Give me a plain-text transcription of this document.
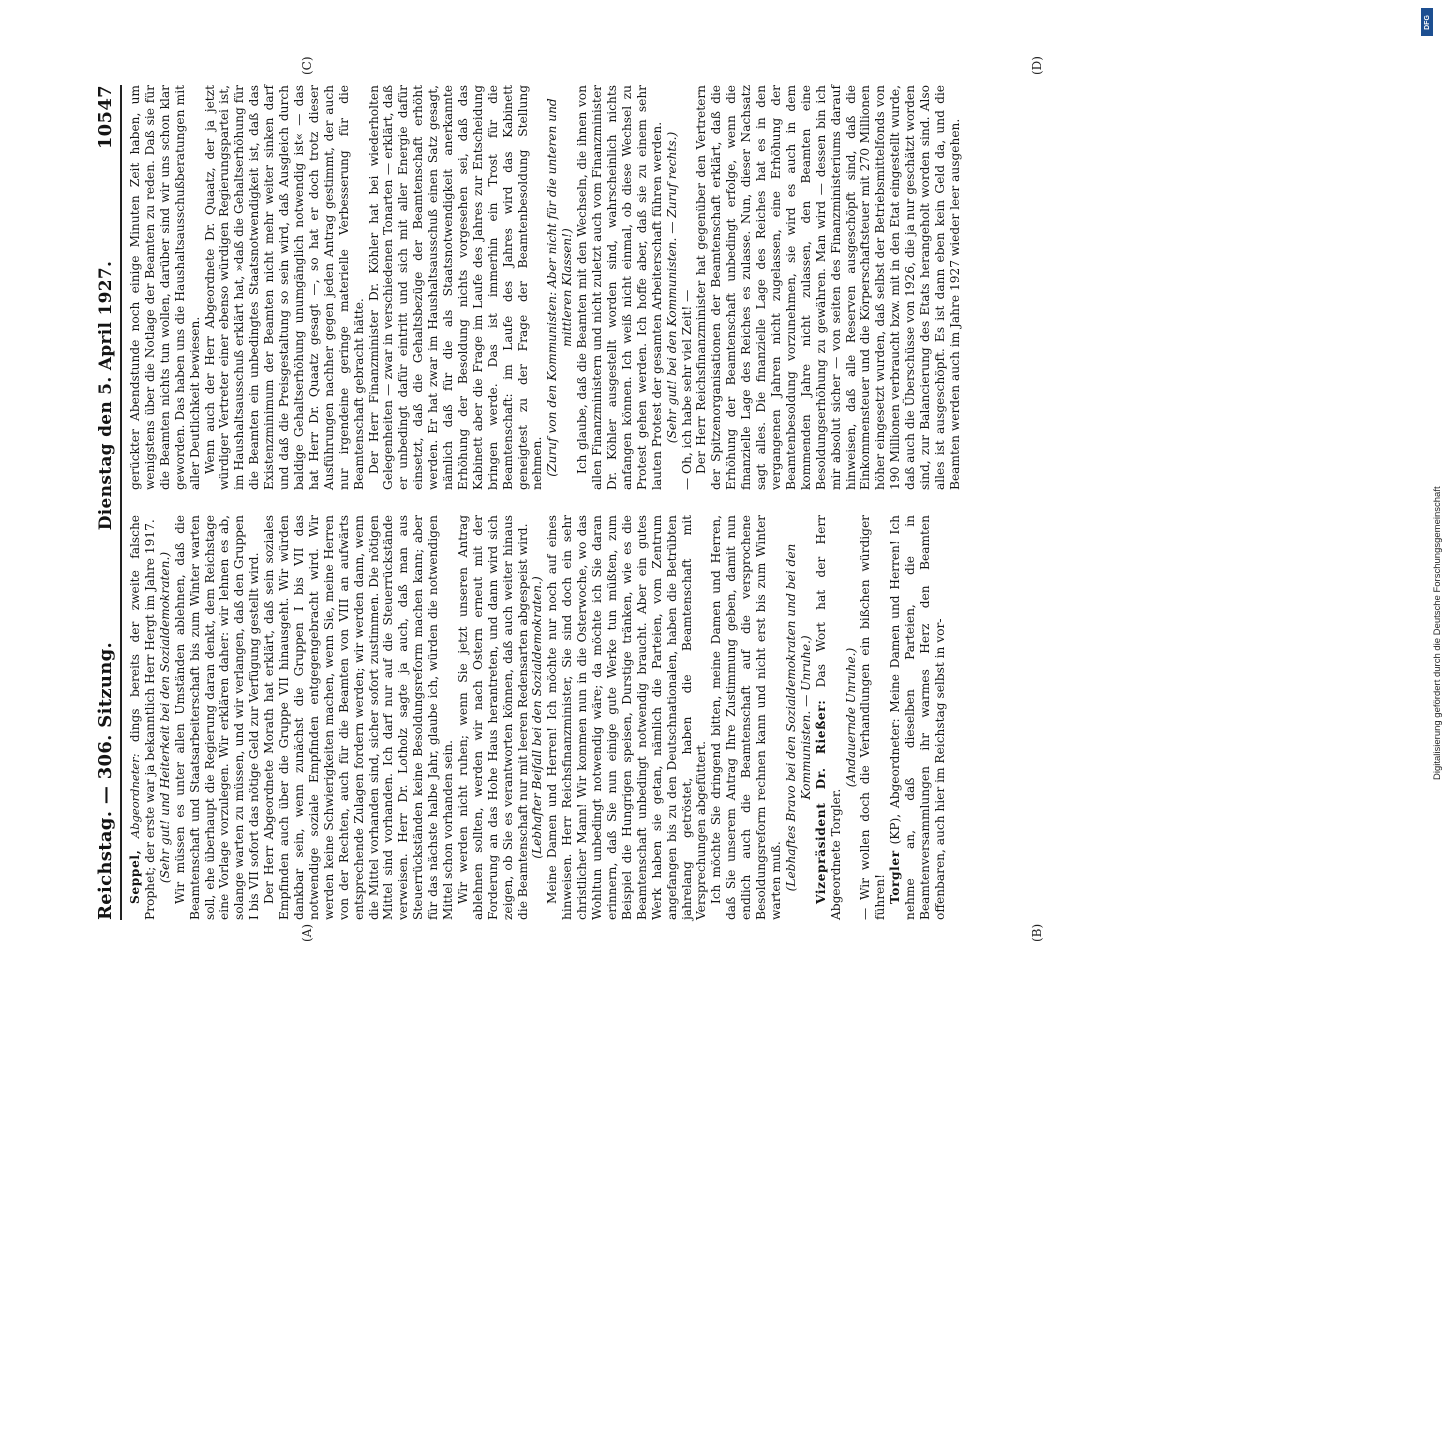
Reichstag. — 306. Sitzung.
Dienstag den 5. April 1927.
10547

Seppel, Abgeordneter: dings bereits der zweite falsche Prophet; der erste war ja bekanntlich Herr Hergt im Jahre 1917. (Sehr gut! und Heiterkeit bei den Sozialdemokraten.) Wir müssen es unter allen Umständen ablehnen, daß die Beamtenschaft und Staatsarbeiterschaft bis zum Winter warten soll, ehe überhaupt die Regierung daran denkt, dem Reichstage eine Vorlage vorzulegen. Wir erklären daher: wir lehnen es ab, solange warten zu müssen, und wir verlangen, daß den Gruppen I bis VII sofort das nötige Geld zur Verfügung gestellt wird. Der Herr Abgeordnete Morath hat erklärt, daß sein soziales Empfinden auch über die Gruppe VII hinausgeht. Wir würden dankbar sein, wenn zunächst die Gruppen I bis VII das notwendige soziale Empfinden entgegengebracht wird. Wir werden keine Schwierigkeiten machen, wenn Sie, meine Herren von der Rechten, auch für die Beamten von VIII an aufwärts entsprechende Zulagen fordern werden; wir werden dann, wenn die Mittel vorhanden sind, sicher sofort zustimmen. Die nötigen Mittel sind vorhanden. Ich darf nur auf die Steuerrückstände verweisen. Herr Dr. Lotholz sagte ja auch, daß man aus Steuerrückständen keine Besoldungsreform machen kann; aber für das nächste halbe Jahr, glaube ich, würden die notwendigen Mittel schon vorhanden sein. Wir werden nicht ruhen; wenn Sie jetzt unseren Antrag ablehnen sollten, werden wir nach Ostern erneut mit der Forderung an das Hohe Haus herantreten, und dann wird sich zeigen, ob Sie es verantworten können, daß auch weiter hinaus die Beamtenschaft nur mit leeren Redensarten abgespeist wird. (Lebhafter Beifall bei den Sozialdemokraten.) Meine Damen und Herren! Ich möchte nur noch auf eines hinweisen. Herr Reichsfinanzminister, Sie sind doch ein sehr christlicher Mann! Wir kommen nun in die Osterwoche, wo das Wohltun unbedingt notwendig wäre; da möchte ich Sie daran erinnern, daß Sie nun einige gute Werke tun müßten, zum Beispiel die Hungrigen speisen, Durstige tränken, wie es die Beamtenschaft unbedingt notwendig braucht. Aber ein gutes Werk haben sie getan, nämlich die Parteien, vom Zentrum angefangen bis zu den Deutschnationalen, haben die Betrübten jahrelang getröstet, haben die Beamtenschaft mit Versprechungen abgefüttert. Ich möchte Sie dringend bitten, meine Damen und Herren, daß Sie unserem Antrag Ihre Zustimmung geben, damit nun endlich auch die Beamtenschaft auf die versprochene Besoldungsreform rechnen kann und nicht erst bis zum Winter warten muß. (Lebhaftes Bravo bei den Sozialdemokraten und bei den Kommunisten. — Unruhe.) Vizepräsident Dr. Rießer: Das Wort hat der Herr Abgeordnete Torgler.

(Andauernde Unruhe.) — Wir wollen doch die Verhandlungen ein bißchen würdiger führen! Torgler (KP), Abgeordneter: Meine Damen und Herren! Ich nehme an, daß dieselben Parteien, die in Beamtenversammlungen ihr warmes Herz den Beamten offenbaren, auch hier im Reichstag selbst in vor-

gerückter Abendstunde noch einige Minuten Zeit haben, um wenigstens über die Notlage der Beamten zu reden. Daß sie für die Beamten nichts tun wollen, darüber sind wir uns schon klar geworden. Das haben uns die Haushaltsausschußberatungen mit aller Deutlichkeit bewiesen. Wenn auch der Herr Abgeordnete Dr. Quaatz, der ja jetzt würdiger Vertreter einer ebenso würdigen Regierungspartei ist, im Haushaltsausschuß erklärt hat, »daß die Gehaltserhöhung für die Beamten ein unbedingtes Staatsnotwendigkeit ist, daß das Existenzminimum der Beamten nicht mehr weiter sinken darf und daß die Preisgestaltung so sein wird, daß Ausgleich durch baldige Gehaltserhöhung unumgänglich notwendig ist« — das hat Herr Dr. Quaatz gesagt —, so hat er doch trotz dieser Ausführungen nachher gegen jeden Antrag gestimmt, der auch nur irgendeine geringe materielle Verbesserung für die Beamtenschaft gebracht hätte. Der Herr Finanzminister Dr. Köhler hat bei wiederholten Gelegenheiten — zwar in verschiedenen Tonarten — erklärt, daß er unbedingt dafür eintritt und sich mit aller Energie dafür einsetzt, daß die Gehaltsbezüge der Beamtenschaft erhöht werden. Er hat zwar im Haushaltsausschuß einen Satz gesagt, nämlich daß für die als Staatsnotwendigkeit anerkannte Erhöhung der Besoldung nichts vorgesehen sei, daß das Kabinett aber die Frage im Laufe des Jahres zur Entscheidung bringen werde. Das ist immerhin ein Trost für die Beamtenschaft: im Laufe des Jahres wird das Kabinett geneigtest zu der Frage der Beamtenbesoldung Stellung nehmen. (Zuruf von den Kommunisten: Aber nicht für die unteren und mittleren Klassen!) Ich glaube, daß die Beamten mit den Wechseln, die ihnen von allen Finanzministern und nicht zuletzt auch vom Finanzminister Dr. Köhler ausgestellt worden sind, wahrscheinlich nichts anfangen können. Ich weiß nicht einmal, ob diese Wechsel zu Protest gehen werden. Ich hoffe aber, daß sie zu einem sehr lauten Protest der gesamten Arbeiterschaft führen werden. (Sehr gut! bei den Kommunisten. — Zuruf rechts.) — Oh, ich habe sehr viel Zeit! — Der Herr Reichsfinanzminister hat gegenüber den Vertretern der Spitzenorganisationen der Beamtenschaft erklärt, daß die Erhöhung der Beamtenschaft unbedingt erfolge, wenn die finanzielle Lage des Reiches es zulasse. Nun, dieser Nachsatz sagt alles. Die finanzielle Lage des Reiches hat es in den vergangenen Jahren nicht zugelassen, eine Erhöhung der Beamtenbesoldung vorzunehmen, sie wird es auch in dem kommenden Jahre nicht zulassen, den Beamten eine Besoldungserhöhung zu gewähren. Man wird — dessen bin ich mir absolut sicher — von seiten des Finanzministeriums darauf hinweisen, daß alle Reserven ausgeschöpft sind, daß die Einkommensteuer und die Körperschaftsteuer mit 270 Millionen höher eingesetzt wurden, daß selbst der Betriebsmittelfonds von 190 Millionen verbraucht bzw. mit in den Etat eingestellt wurde, daß auch die Überschüsse von 1926, die ja nur geschätzt worden sind, zur Balancierung des Etats herangeholt worden sind. Also alles ist ausgeschöpft. Es ist dann eben kein Geld da, und die Beamten werden auch im Jahre 1927 wieder leer ausgehen.

(A)	(B)
(C)	(D)
DFG
Digitalisierung gefördert durch die Deutsche Forschungsgemeinschaft
